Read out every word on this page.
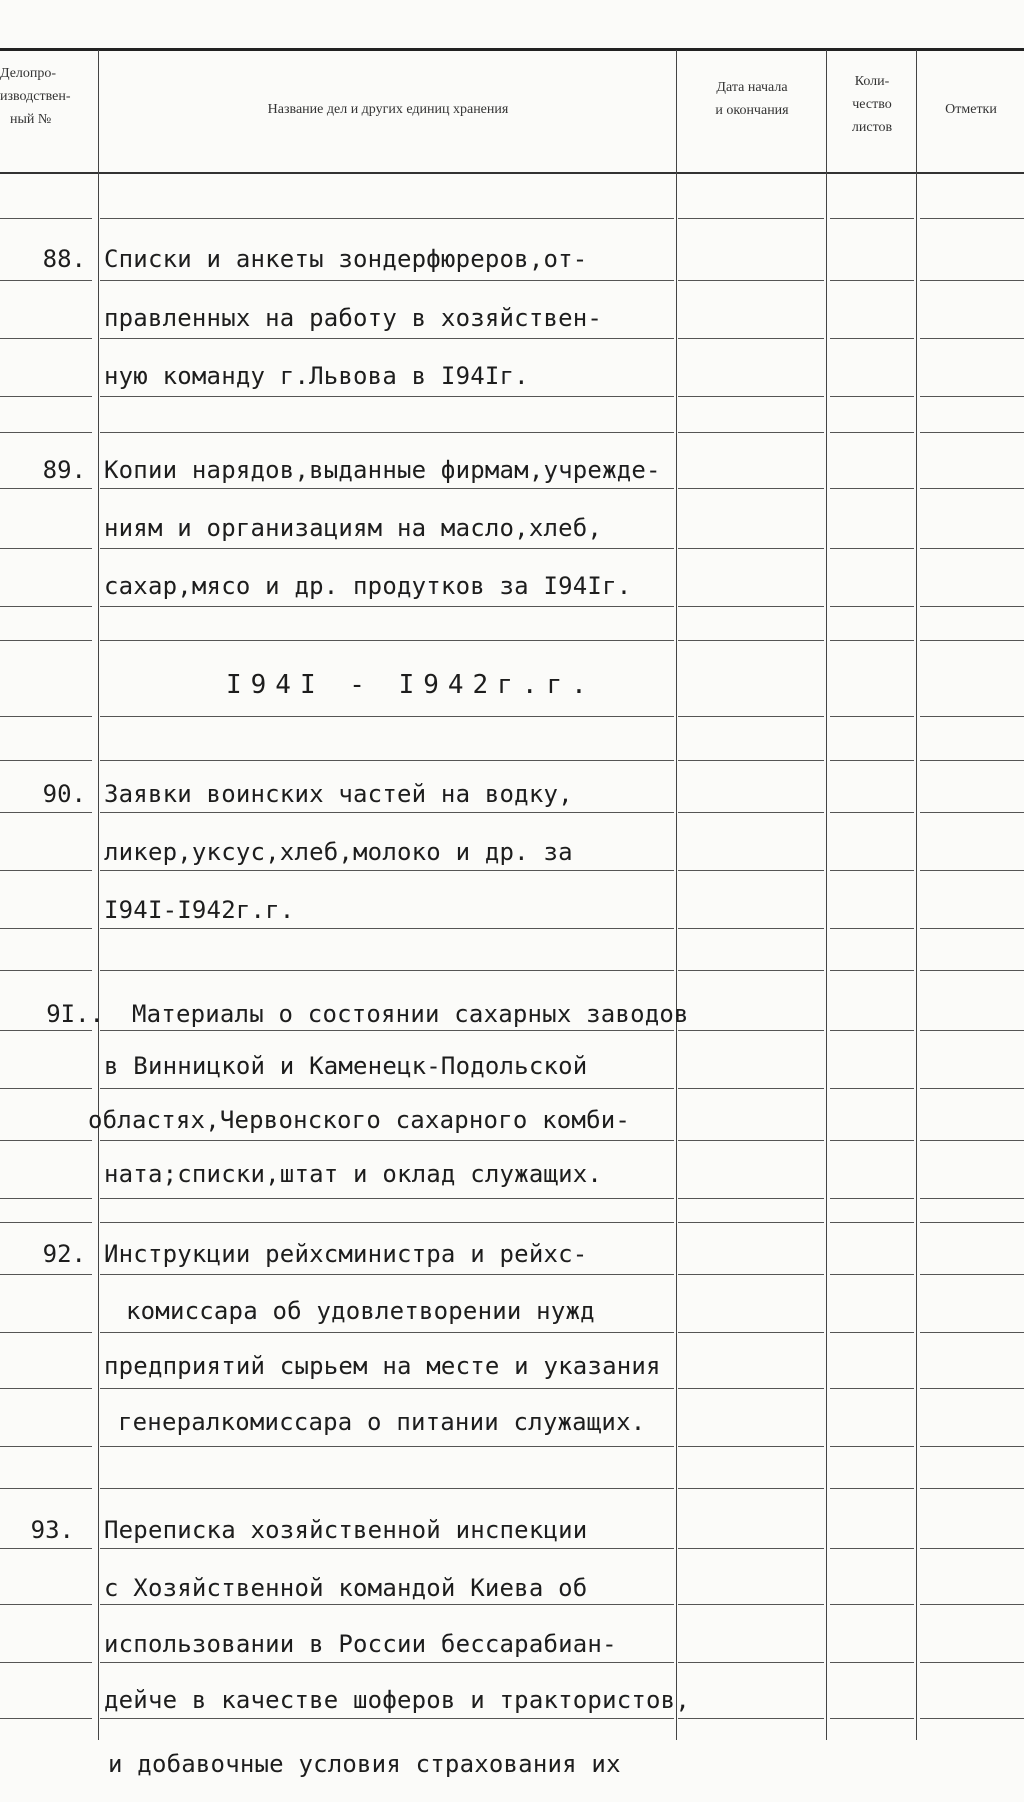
Делопро-
изводствен-
ный №
Название дел и других единиц хранения
Дата начала
и окончания
Коли-
чество
листов
Отметки
88. Списки и анкеты зондерфюреров,от-
правленных на работу в хозяйствен-
ную команду г.Львова в I94Iг.
89. Копии нарядов,выданные фирмам,учрежде-
ниям и организациям на масло,хлеб,
сахар,мясо и др. продутков за I94Iг.
I94I - I942г.г.
90. Заявки воинских частей на водку,
ликер,уксус,хлеб,молоко и др. за
I94I-I942г.г.
9I.. Материалы о состоянии сахарных заводов
в Винницкой и Каменецк-Подольской
областях,Червонского сахарного комби-
ната;списки,штат и оклад служащих.
92. Инструкции рейхсминистра и рейхс-
комиссара об удовлетворении нужд
предприятий сырьем на месте и указания
генералкомиссара о питании служащих.
93. Переписка хозяйственной инспекции
с Хозяйственной командой Киева об
использовании в России бессарабиан-
дейче в качестве шоферов и трактористов,
и добавочные условия страхования их
